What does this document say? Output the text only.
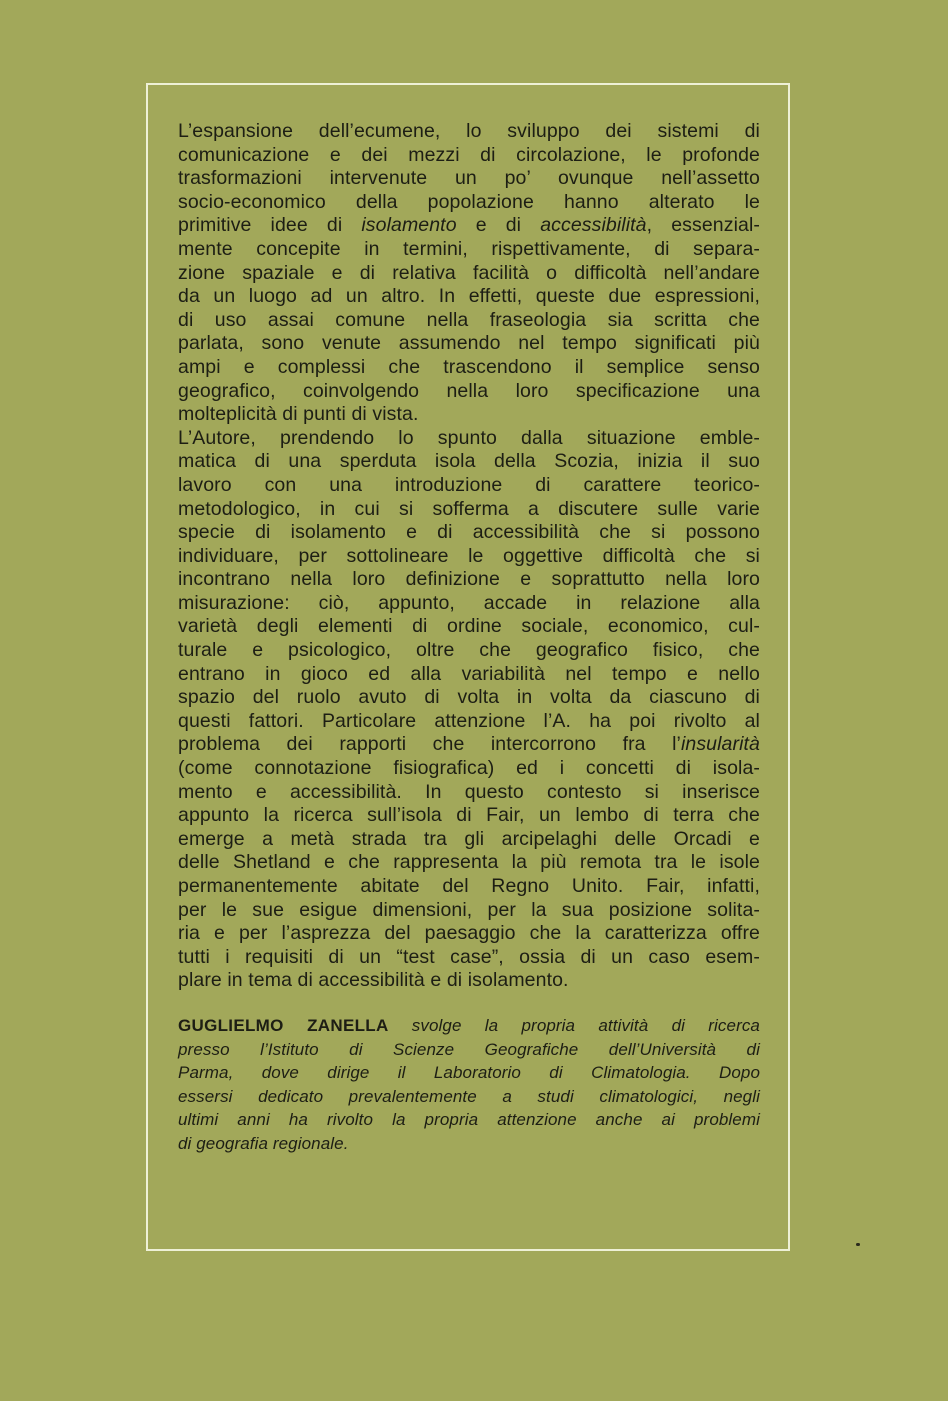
L’espansione dell’ecumene, lo sviluppo dei sistemi di
comunicazione e dei mezzi di circolazione, le profonde
trasformazioni intervenute un po’ ovunque nell’assetto
socio-economico della popolazione hanno alterato le
primitive idee di isolamento e di accessibilità, essenzial-
mente concepite in termini, rispettivamente, di separa-
zione spaziale e di relativa facilità o difficoltà nell’andare
da un luogo ad un altro. In effetti, queste due espressioni,
di uso assai comune nella fraseologia sia scritta che
parlata, sono venute assumendo nel tempo significati più
ampi e complessi che trascendono il semplice senso
geografico, coinvolgendo nella loro specificazione una
molteplicità di punti di vista.
L’Autore, prendendo lo spunto dalla situazione emble-
matica di una sperduta isola della Scozia, inizia il suo
lavoro con una introduzione di carattere teorico-
metodologico, in cui si sofferma a discutere sulle varie
specie di isolamento e di accessibilità che si possono
individuare, per sottolineare le oggettive difficoltà che si
incontrano nella loro definizione e soprattutto nella loro
misurazione: ciò, appunto, accade in relazione alla
varietà degli elementi di ordine sociale, economico, cul-
turale e psicologico, oltre che geografico fisico, che
entrano in gioco ed alla variabilità nel tempo e nello
spazio del ruolo avuto di volta in volta da ciascuno di
questi fattori. Particolare attenzione l’A. ha poi rivolto al
problema dei rapporti che intercorrono fra l’insularità
(come connotazione fisiografica) ed i concetti di isola-
mento e accessibilità. In questo contesto si inserisce
appunto la ricerca sull’isola di Fair, un lembo di terra che
emerge a metà strada tra gli arcipelaghi delle Orcadi e
delle Shetland e che rappresenta la più remota tra le isole
permanentemente abitate del Regno Unito. Fair, infatti,
per le sue esigue dimensioni, per la sua posizione solita-
ria e per l’asprezza del paesaggio che la caratterizza offre
tutti i requisiti di un “test case”, ossia di un caso esem-
plare in tema di accessibilità e di isolamento.
GUGLIELMO ZANELLA svolge la propria attività di ricerca
presso l’Istituto di Scienze Geografiche dell’Università di
Parma, dove dirige il Laboratorio di Climatologia. Dopo
essersi dedicato prevalentemente a studi climatologici, negli
ultimi anni ha rivolto la propria attenzione anche ai problemi
di geografia regionale.
